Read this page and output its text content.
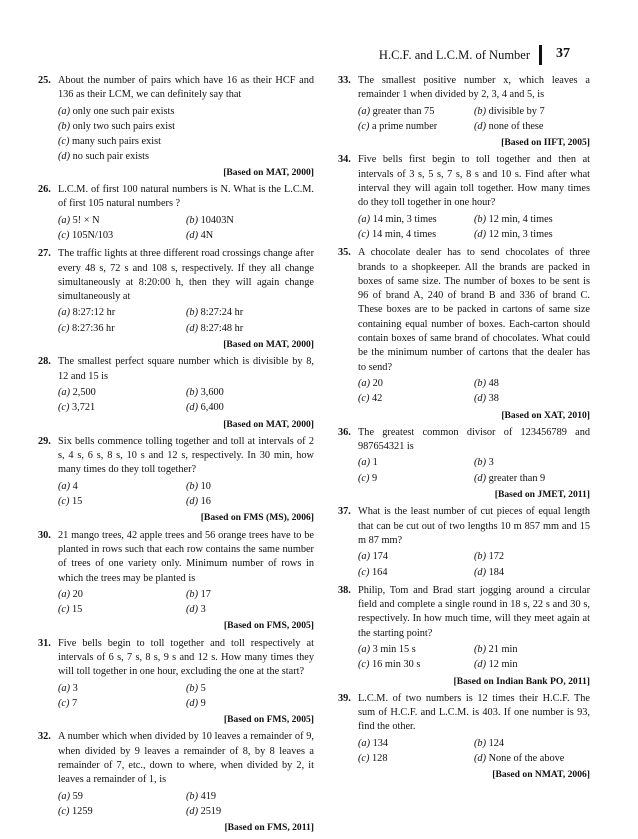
H.C.F. and L.C.M. of Number 37
25. About the number of pairs which have 16 as their HCF and 136 as their LCM, we can definitely say that
(a) only one such pair exists
(b) only two such pairs exist
(c) many such pairs exist
(d) no such pair exists
[Based on MAT, 2000]
26. L.C.M. of first 100 natural numbers is N. What is the L.C.M. of first 105 natural numbers ?
(a) 5! × N	(b) 10403N
(c) 105N/103	(d) 4N
27. The traffic lights at three different road crossings change after every 48 s, 72 s and 108 s, respectively. If they all change simultaneously at 8:20:00 h, then they will again change simultaneously at
(a) 8:27:12 hr	(b) 8:27:24 hr
(c) 8:27:36 hr	(d) 8:27:48 hr
[Based on MAT, 2000]
28. The smallest perfect square number which is divisible by 8, 12 and 15 is
(a) 2,500	(b) 3,600
(c) 3,721	(d) 6,400
[Based on MAT, 2000]
29. Six bells commence tolling together and toll at intervals of 2 s, 4 s, 6 s, 8 s, 10 s and 12 s, respectively. In 30 min, how many times do they toll together?
(a) 4	(b) 10
(c) 15	(d) 16
[Based on FMS (MS), 2006]
30. 21 mango trees, 42 apple trees and 56 orange trees have to be planted in rows such that each row contains the same number of trees of one variety only. Minimum number of rows in which the trees may be planted is
(a) 20	(b) 17
(c) 15	(d) 3
[Based on FMS, 2005]
31. Five bells begin to toll together and toll respectively at intervals of 6 s, 7 s, 8 s, 9 s and 12 s. How many times they will toll together in one hour, excluding the one at the start?
(a) 3	(b) 5
(c) 7	(d) 9
[Based on FMS, 2005]
32. A number which when divided by 10 leaves a remainder of 9, when divided by 9 leaves a remainder of 8, by 8 leaves a remainder of 7, etc., down to where, when divided by 2, it leaves a remainder of 1, is
(a) 59	(b) 419
(c) 1259	(d) 2519
[Based on FMS, 2011]
33. The smallest positive number x, which leaves a remainder 1 when divided by 2, 3, 4 and 5, is
(a) greater than 75	(b) divisible by 7
(c) a prime number	(d) none of these
[Based on IIFT, 2005]
34. Five bells first begin to toll together and then at intervals of 3 s, 5 s, 7 s, 8 s and 10 s. Find after what interval they will again toll together. How many times do they toll together in one hour?
(a) 14 min, 3 times	(b) 12 min, 4 times
(c) 14 min, 4 times	(d) 12 min, 3 times
35. A chocolate dealer has to send chocolates of three brands to a shopkeeper. All the brands are packed in boxes of same size. The number of boxes to be sent is 96 of brand A, 240 of brand B and 336 of brand C. These boxes are to be packed in cartons of same size containing equal number of boxes. Each-carton should contain boxes of same brand of chocolates. What could be the minimum number of cartons that the dealer has to send?
(a) 20	(b) 48
(c) 42	(d) 38
[Based on XAT, 2010]
36. The greatest common divisor of 123456789 and 987654321 is
(a) 1	(b) 3
(c) 9	(d) greater than 9
[Based on JMET, 2011]
37. What is the least number of cut pieces of equal length that can be cut out of two lengths 10 m 857 mm and 15 m 87 mm?
(a) 174	(b) 172
(c) 164	(d) 184
38. Philip, Tom and Brad start jogging around a circular field and complete a single round in 18 s, 22 s and 30 s, respectively. In how much time, will they meet again at the starting point?
(a) 3 min 15 s	(b) 21 min
(c) 16 min 30 s	(d) 12 min
[Based on Indian Bank PO, 2011]
39. L.C.M. of two numbers is 12 times their H.C.F. The sum of H.C.F. and L.C.M. is 403. If one number is 93, find the other.
(a) 134	(b) 124
(c) 128	(d) None of the above
[Based on NMAT, 2006]
